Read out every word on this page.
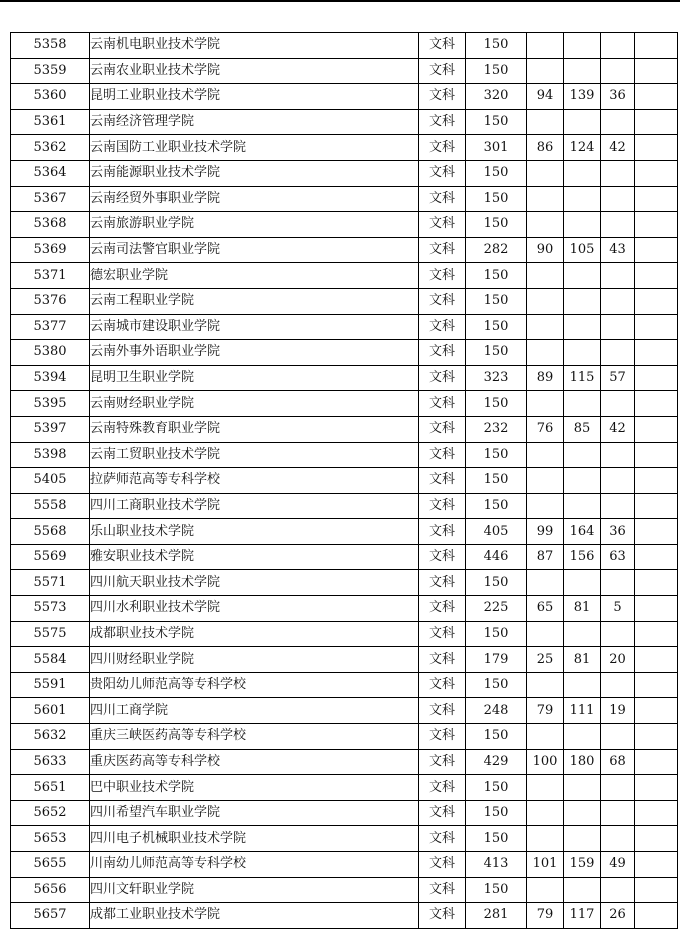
5358	云南机电职业技术学院	文科	150				
5359	云南农业职业技术学院	文科	150				
5360	昆明工业职业技术学院	文科	320	94	139	36	
5361	云南经济管理学院	文科	150				
5362	云南国防工业职业技术学院	文科	301	86	124	42	
5364	云南能源职业技术学院	文科	150				
5367	云南经贸外事职业学院	文科	150				
5368	云南旅游职业学院	文科	150				
5369	云南司法警官职业学院	文科	282	90	105	43	
5371	德宏职业学院	文科	150				
5376	云南工程职业学院	文科	150				
5377	云南城市建设职业学院	文科	150				
5380	云南外事外语职业学院	文科	150				
5394	昆明卫生职业学院	文科	323	89	115	57	
5395	云南财经职业学院	文科	150				
5397	云南特殊教育职业学院	文科	232	76	85	42	
5398	云南工贸职业技术学院	文科	150				
5405	拉萨师范高等专科学校	文科	150				
5558	四川工商职业技术学院	文科	150				
5568	乐山职业技术学院	文科	405	99	164	36	
5569	雅安职业技术学院	文科	446	87	156	63	
5571	四川航天职业技术学院	文科	150				
5573	四川水利职业技术学院	文科	225	65	81	5	
5575	成都职业技术学院	文科	150				
5584	四川财经职业学院	文科	179	25	81	20	
5591	贵阳幼儿师范高等专科学校	文科	150				
5601	四川工商学院	文科	248	79	111	19	
5632	重庆三峡医药高等专科学校	文科	150				
5633	重庆医药高等专科学校	文科	429	100	180	68	
5651	巴中职业技术学院	文科	150				
5652	四川希望汽车职业学院	文科	150				
5653	四川电子机械职业技术学院	文科	150				
5655	川南幼儿师范高等专科学校	文科	413	101	159	49	
5656	四川文轩职业学院	文科	150				
5657	成都工业职业技术学院	文科	281	79	117	26	
